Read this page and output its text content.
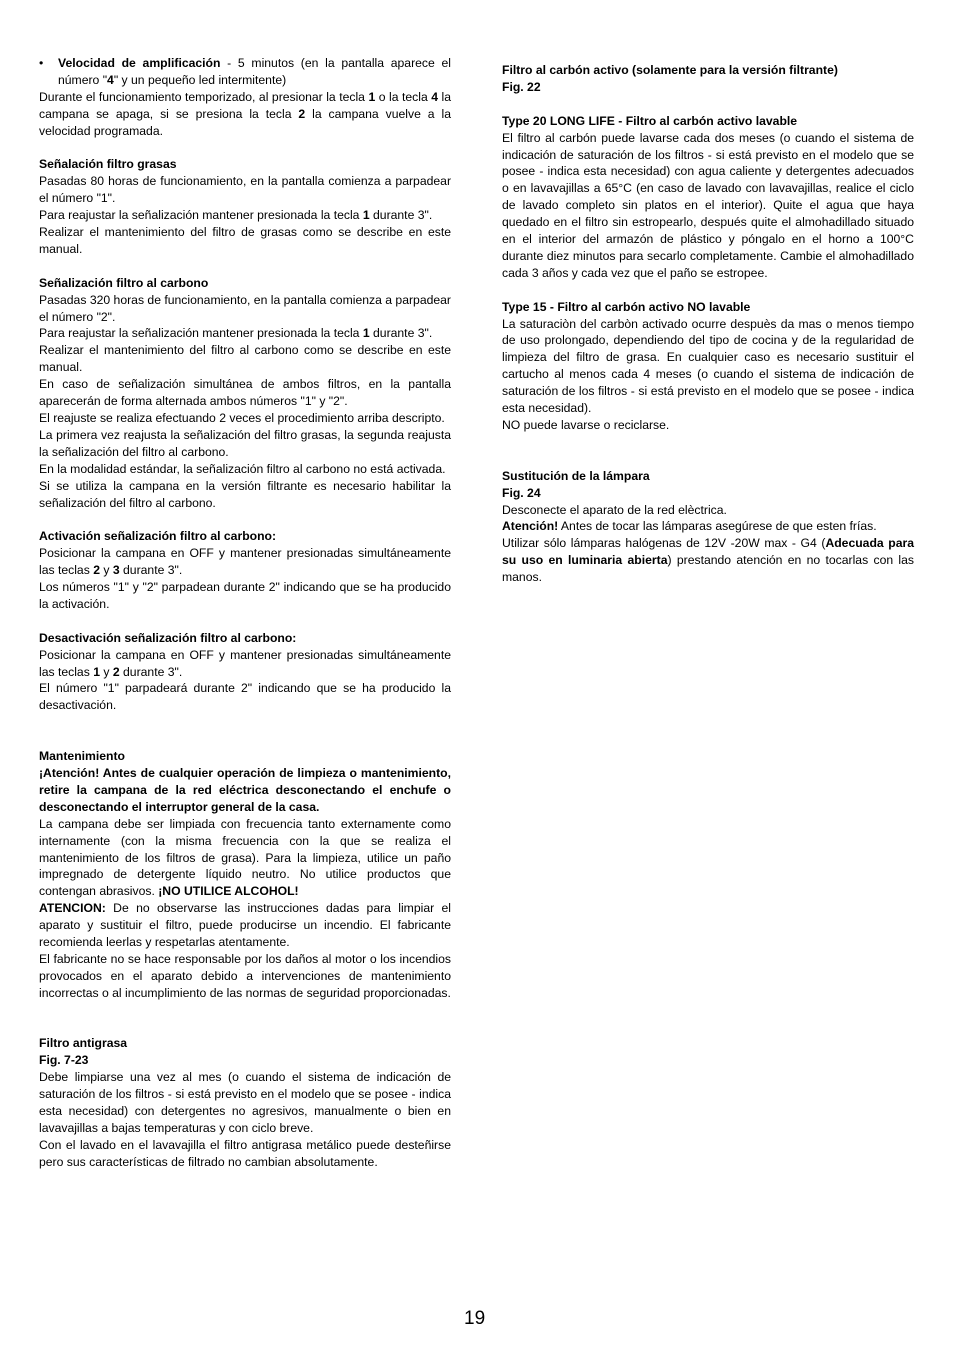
• Velocidad de amplificación - 5 minutos (en la pantalla aparece el número "4" y un pequeño led intermitente)

Durante el funcionamiento temporizado, al presionar la tecla 1 o la tecla 4 la campana se apaga, si se presiona la tecla 2 la campana vuelve a la velocidad programada.

Señalación filtro grasas

Pasadas 80 horas de funcionamiento, en la pantalla comienza a parpadear el número "1".

Para reajustar la señalización mantener presionada la tecla 1 durante 3".

Realizar el mantenimiento del filtro de grasas como se describe en este manual.

Señalización filtro al carbono

Pasadas 320 horas de funcionamiento, en la pantalla comienza a parpadear el número "2".

Para reajustar la señalización mantener presionada la tecla 1 durante 3".

Realizar el mantenimiento del filtro al carbono como se describe en este manual.

En caso de señalización simultánea de ambos filtros, en la pantalla aparecerán de forma alternada ambos números "1" y "2".

El reajuste se realiza efectuando 2 veces el procedimiento arriba descripto.

La primera vez reajusta la señalización del filtro grasas, la segunda reajusta la señalización del filtro al carbono.

En la modalidad estándar, la señalización filtro al carbono no está activada.

Si se utiliza la campana en la versión filtrante es necesario habilitar la señalización del filtro al carbono.

Activación señalización filtro al carbono:

Posicionar la campana en OFF y mantener presionadas simultáneamente las teclas 2 y 3 durante 3".

Los números "1" y "2" parpadean durante 2" indicando que se ha producido la activación.

Desactivación señalización filtro al carbono:

Posicionar la campana en OFF y mantener presionadas simultáneamente las teclas 1 y 2 durante 3".

El número "1" parpadeará durante 2" indicando que se ha producido la desactivación.

Mantenimiento

¡Atención! Antes de cualquier operación de limpieza o mantenimiento, retire la campana de la red eléctrica desconectando el enchufe o desconectando el interruptor general de la casa.

La campana debe ser limpiada con frecuencia tanto externamente como internamente (con la misma frecuencia con la que se realiza el mantenimiento de los filtros de grasa). Para la limpieza, utilice un paño impregnado de detergente líquido neutro. No utilice productos que contengan abrasivos. ¡NO UTILICE ALCOHOL!

ATENCION: De no observarse las instrucciones dadas para limpiar el aparato y sustituir el filtro, puede producirse un incendio. El fabricante recomienda leerlas y respetarlas atentamente.

El fabricante no se hace responsable por los daños al motor o los incendios provocados en el aparato debido a intervenciones de mantenimiento incorrectas o al incumplimiento de las normas de seguridad proporcionadas.

Filtro antigrasa

Fig. 7-23

Debe limpiarse una vez al mes (o cuando el sistema de indicación de saturación de los filtros - si está previsto en el modelo que se posee - indica esta necesidad) con detergentes no agresivos, manualmente o bien en lavavajillas a bajas temperaturas y con ciclo breve.

Con el lavado en el lavavajilla el filtro antigrasa metálico puede desteñirse pero sus características de filtrado no cambian absolutamente.

Filtro al carbón activo (solamente para la versión filtrante)

Fig. 22

Type 20 LONG LIFE - Filtro al carbón activo lavable

El filtro al carbón puede lavarse cada dos meses (o cuando el sistema de indicación de saturación de los filtros - si está previsto en el modelo que se posee - indica esta necesidad) con agua caliente y detergentes adecuados o en lavavajillas a 65°C (en caso de lavado con lavavajillas, realice el ciclo de lavado completo sin platos en el interior). Quite el agua que haya quedado en el filtro sin estropearlo, después quite el almohadillado situado en el interior del armazón de plástico y póngalo en el horno a 100°C durante diez minutos para secarlo completamente. Cambie el almohadillado cada 3 años y cada vez que el paño se estropee.

Type 15 - Filtro al carbón activo NO lavable

La saturaciòn del carbòn activado ocurre despuès da mas o menos tiempo de uso prolongado, dependiendo del tipo de cocina y de la regularidad de limpieza del filtro de grasa. En cualquier caso es necesario sustituir el cartucho al menos cada 4 meses (o cuando el sistema de indicación de saturación de los filtros - si está previsto en el modelo que se posee - indica esta necesidad).

NO puede lavarse o reciclarse.

Sustitución de la lámpara

Fig. 24

Desconecte el aparato de la red elèctrica.

Atención! Antes de tocar las lámparas asegúrese de que esten frías.

Utilizar sólo lámparas halógenas de 12V -20W max - G4 (Adecuada para su uso en luminaria abierta) prestando atención en no tocarlas con las manos.

19
